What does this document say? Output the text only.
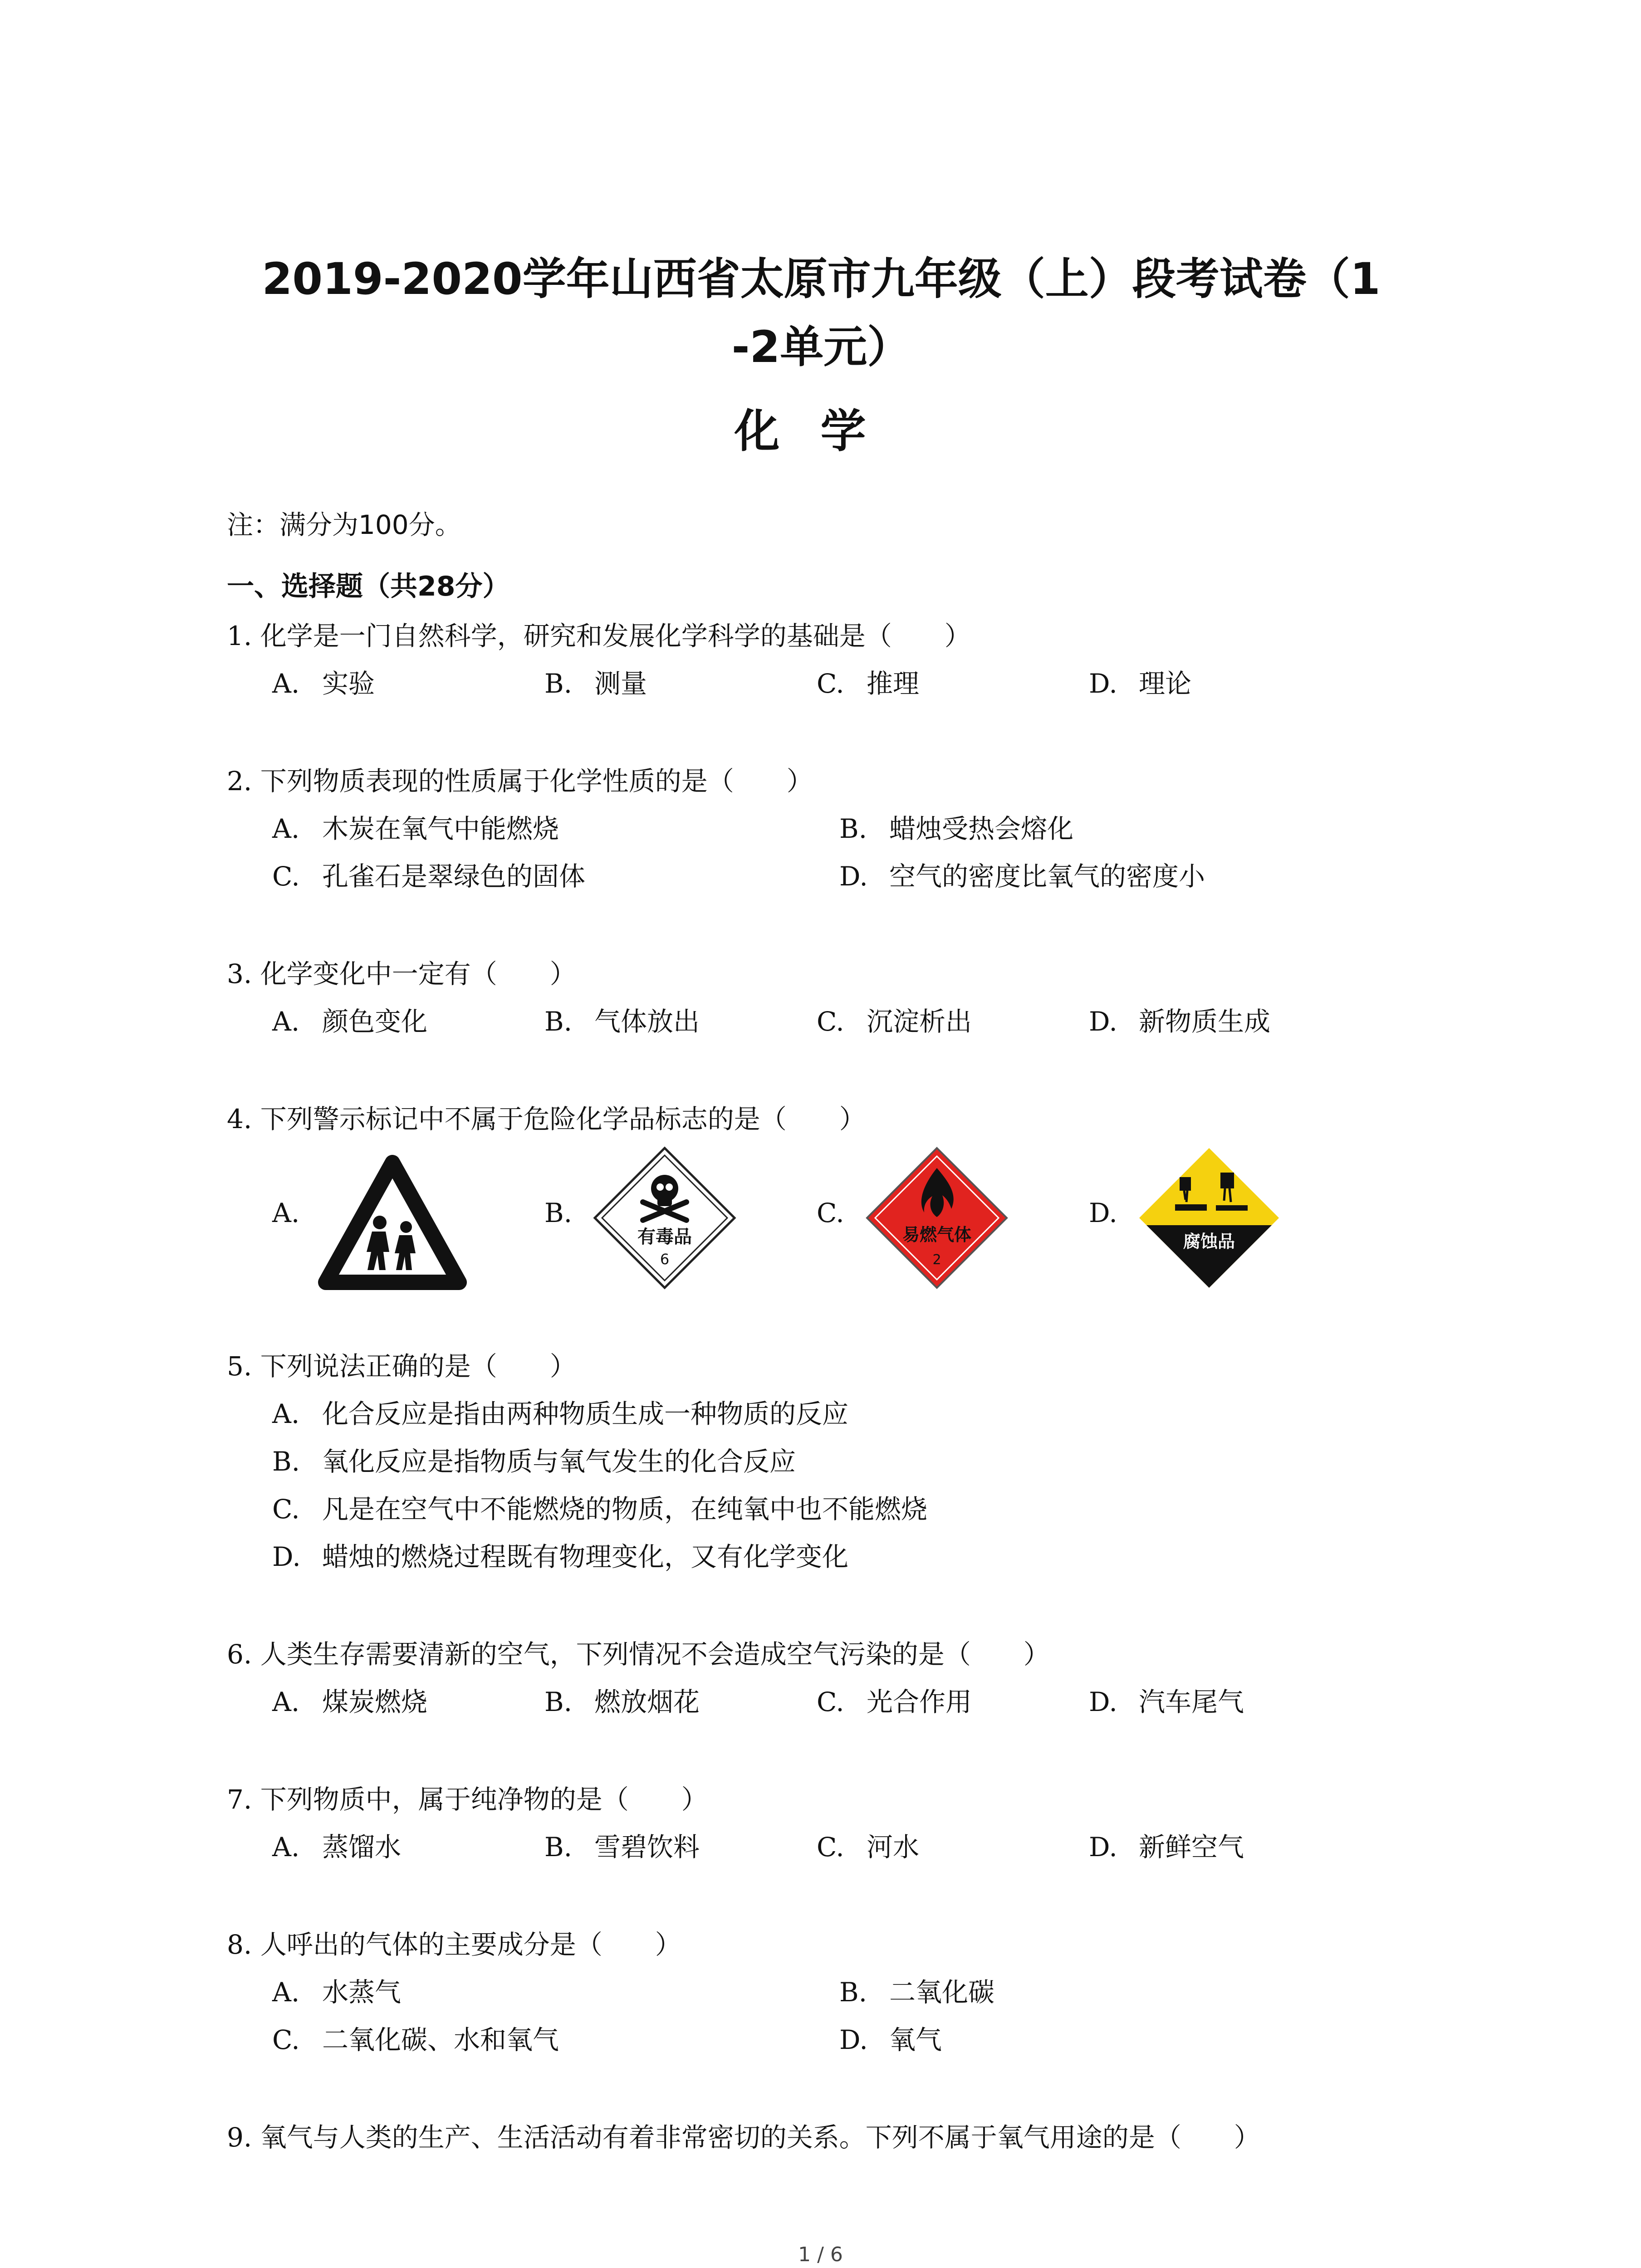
2019-2020学年山西省太原市九年级（上）段考试卷（1
-2单元）
化学
注：满分为100分。
一、选择题（共28分）
1. 化学是一门自然科学，研究和发展化学科学的基础是（　　）
A. 实验	B. 测量	C. 推理	D. 理论
2. 下列物质表现的性质属于化学性质的是（　　）
A. 木炭在氧气中能燃烧	B. 蜡烛受热会熔化
C. 孔雀石是翠绿色的固体	D. 空气的密度比氧气的密度小
3. 化学变化中一定有（　　）
A. 颜色变化	B. 气体放出	C. 沉淀析出	D. 新物质生成
4. 下列警示标记中不属于危险化学品标志的是（　　）
A.	B.	C.	D.
有毒品
6
易燃气体
2
腐蚀品
5. 下列说法正确的是（　　）
A. 化合反应是指由两种物质生成一种物质的反应
B. 氧化反应是指物质与氧气发生的化合反应
C. 凡是在空气中不能燃烧的物质，在纯氧中也不能燃烧
D. 蜡烛的燃烧过程既有物理变化，又有化学变化
6. 人类生存需要清新的空气，下列情况不会造成空气污染的是（　　）
A. 煤炭燃烧	B. 燃放烟花	C. 光合作用	D. 汽车尾气
7. 下列物质中，属于纯净物的是（　　）
A. 蒸馏水	B. 雪碧饮料	C. 河水	D. 新鲜空气
8. 人呼出的气体的主要成分是（　　）
A. 水蒸气	B. 二氧化碳
C. 二氧化碳、水和氧气	D. 氧气
9. 氧气与人类的生产、生活活动有着非常密切的关系。下列不属于氧气用途的是（　　）
1 / 6
